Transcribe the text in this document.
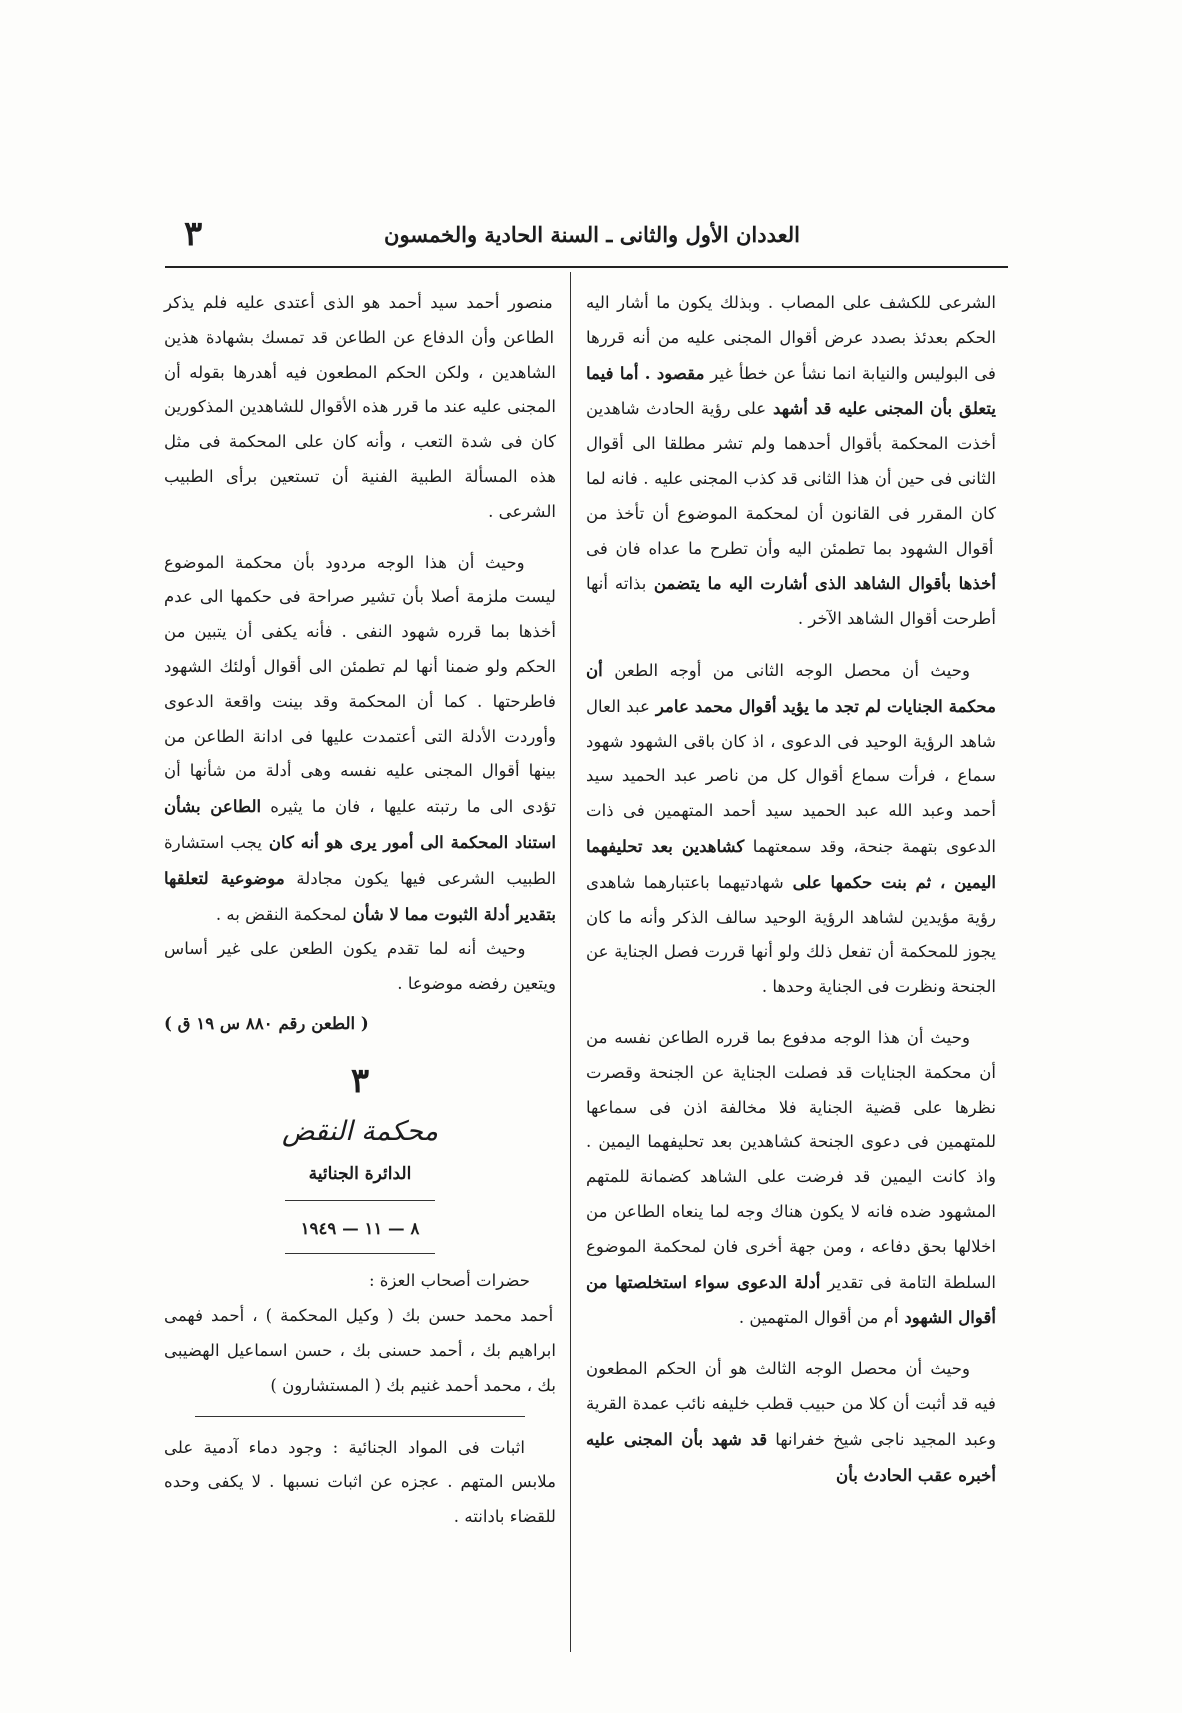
العددان الأول والثانى ـ السنة الحادية والخمسون
٣

الشرعى للكشف على المصاب . وبذلك يكون ما أشار اليه الحكم بعدئذ بصدد عرض أقوال المجنى عليه من أنه قررها فى البوليس والنيابة انما نشأ عن خطأ غير مقصود . أما فيما يتعلق بأن المجنى عليه قد أشهد على رؤية الحادث شاهدين أخذت المحكمة بأقوال أحدهما ولم تشر مطلقا الى أقوال الثانى فى حين أن هذا الثانى قد كذب المجنى عليه . فانه لما كان المقرر فى القانون أن لمحكمة الموضوع أن تأخذ من أقوال الشهود بما تطمئن اليه وأن تطرح ما عداه فان فى أخذها بأقوال الشاهد الذى أشارت اليه ما يتضمن بذاته أنها أطرحت أقوال الشاهد الآخر .

وحيث أن محصل الوجه الثانى من أوجه الطعن أن محكمة الجنايات لم تجد ما يؤيد أقوال محمد عامر عبد العال شاهد الرؤية الوحيد فى الدعوى ، اذ كان باقى الشهود شهود سماع ، فرأت سماع أقوال كل من ناصر عبد الحميد سيد أحمد وعبد الله عبد الحميد سيد أحمد المتهمين فى ذات الدعوى بتهمة جنحة، وقد سمعتهما كشاهدين بعد تحليفهما اليمين ، ثم بنت حكمها على شهادتيهما باعتبارهما شاهدى رؤية مؤيدين لشاهد الرؤية الوحيد سالف الذكر وأنه ما كان يجوز للمحكمة أن تفعل ذلك ولو أنها قررت فصل الجناية عن الجنحة ونظرت فى الجناية وحدها .

وحيث أن هذا الوجه مدفوع بما قرره الطاعن نفسه من أن محكمة الجنايات قد فصلت الجناية عن الجنحة وقصرت نظرها على قضية الجناية فلا مخالفة اذن فى سماعها للمتهمين فى دعوى الجنحة كشاهدين بعد تحليفهما اليمين . واذ كانت اليمين قد فرضت على الشاهد كضمانة للمتهم المشهود ضده فانه لا يكون هناك وجه لما ينعاه الطاعن من اخلالها بحق دفاعه ، ومن جهة أخرى فان لمحكمة الموضوع السلطة التامة فى تقدير أدلة الدعوى سواء استخلصتها من أقوال الشهود أم من أقوال المتهمين .

وحيث أن محصل الوجه الثالث هو أن الحكم المطعون فيه قد أثبت أن كلا من حبيب قطب خليفه نائب عمدة القرية وعبد المجيد ناجى شيخ خفرانها قد شهد بأن المجنى عليه أخبره عقب الحادث بأن

منصور أحمد سيد أحمد هو الذى أعتدى عليه فلم يذكر الطاعن وأن الدفاع عن الطاعن قد تمسك بشهادة هذين الشاهدين ، ولكن الحكم المطعون فيه أهدرها بقوله أن المجنى عليه عند ما قرر هذه الأقوال للشاهدين المذكورين كان فى شدة التعب ، وأنه كان على المحكمة فى مثل هذه المسألة الطبية الفنية أن تستعين برأى الطبيب الشرعى .

وحيث أن هذا الوجه مردود بأن محكمة الموضوع ليست ملزمة أصلا بأن تشير صراحة فى حكمها الى عدم أخذها بما قرره شهود النفى . فأنه يكفى أن يتبين من الحكم ولو ضمنا أنها لم تطمئن الى أقوال أولئك الشهود فاطرحتها . كما أن المحكمة وقد بينت واقعة الدعوى وأوردت الأدلة التى أعتمدت عليها فى ادانة الطاعن من بينها أقوال المجنى عليه نفسه وهى أدلة من شأنها أن تؤدى الى ما رتبته عليها ، فان ما يثيره الطاعن بشأن استناد المحكمة الى أمور يرى هو أنه كان يجب استشارة الطبيب الشرعى فيها يكون مجادلة موضوعية لتعلقها بتقدير أدلة الثبوت مما لا شأن لمحكمة النقض به .

وحيث أنه لما تقدم يكون الطعن على غير أساس ويتعين رفضه موضوعا .

( الطعن رقم ٨٨٠ س ١٩ ق )

٣

محكمة النقض

الدائرة الجنائية

٨ — ١١ — ١٩٤٩

حضرات أصحاب العزة :

أحمد محمد حسن بك ( وكيل المحكمة ) ، أحمد فهمى ابراهيم بك ، أحمد حسنى بك ، حسن اسماعيل الهضيبى بك ، محمد أحمد غنيم بك ( المستشارون )

اثبات فى المواد الجنائية : وجود دماء آدمية على ملابس المتهم . عجزه عن اثبات نسبها . لا يكفى وحده للقضاء بادانته .
